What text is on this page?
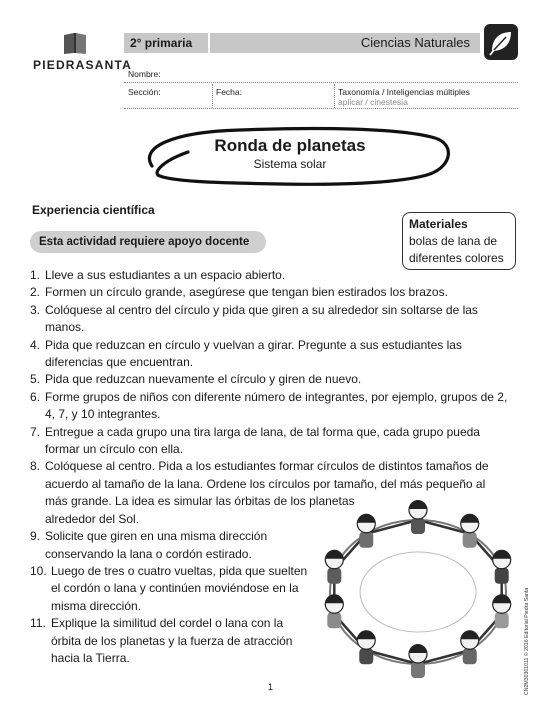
PIEDRASANTA
2° primaria	Ciencias Naturales
Nombre:
Sección:	Fecha:	Taxonomía / Inteligencias múltiples
aplicar / cinestesia
Ronda de planetas
Sistema solar
Experiencia científica
Esta actividad requiere apoyo docente
Materiales
bolas de lana de
diferentes colores
1. Lleve a sus estudiantes a un espacio abierto.
2. Formen un círculo grande, asegúrese que tengan bien estirados los brazos.
3. Colóquese al centro del círculo y pida que giren a su alrededor sin soltarse de las
manos.
4. Pida que reduzcan en círculo y vuelvan a girar. Pregunte a sus estudiantes las
diferencias que encuentran.
5. Pida que reduzcan nuevamente el círculo y giren de nuevo.
6. Forme grupos de niños con diferente número de integrantes, por ejemplo, grupos de 2,
4, 7, y 10 integrantes.
7. Entregue a cada grupo una tira larga de lana, de tal forma que, cada grupo pueda
formar un círculo con ella.
8. Colóquese al centro. Pida a los estudiantes formar círculos de distintos tamaños de
acuerdo al tamaño de la lana. Ordene los círculos por tamaño, del más pequeño al
más grande. La idea es simular las órbitas de los planetas
alrededor del Sol.
9. Solicite que giren en una misma dirección
conservando la lana o cordón estirado.
10. Luego de tres o cuatro vueltas, pida que suelten
el cordón o lana y continúen moviéndose en la
misma dirección.
11. Explique la similitud del cordel o lana con la
órbita de los planetas y la fuerza de atracción
hacia la Tierra.	CN2M30301011 © 2016 Editorial Piedra Santa
1
